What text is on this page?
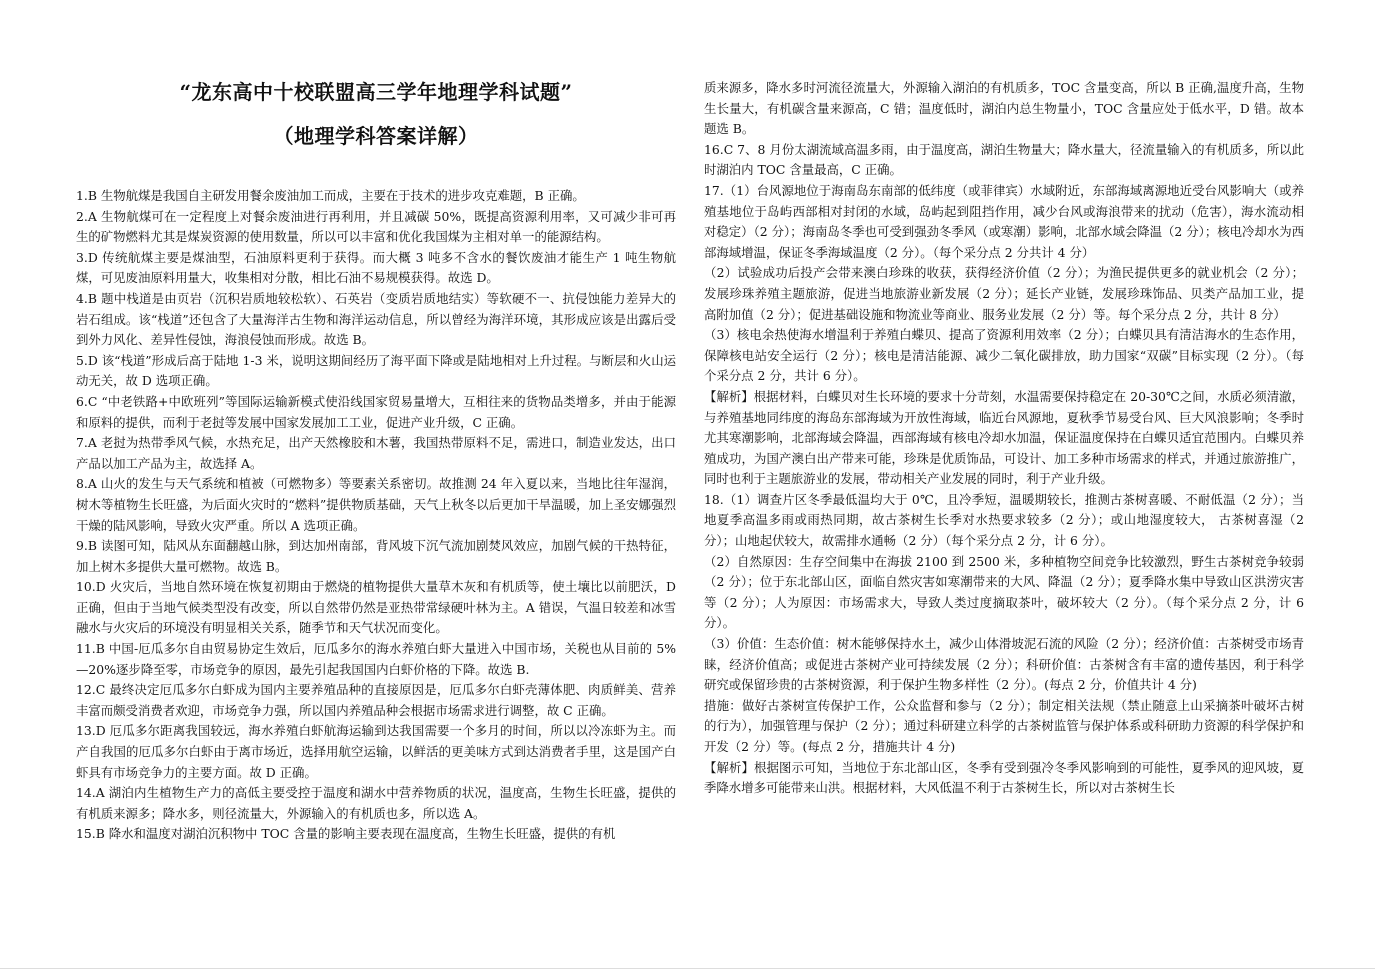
“龙东高中十校联盟高三学年地理学科试题”
（地理学科答案详解）

1.B 生物航煤是我国自主研发用餐余废油加工而成，主要在于技术的进步攻克难题，B 正确。

2.A 生物航煤可在一定程度上对餐余废油进行再利用，并且减碳 50%，既提高资源利用率，又可减少非可再生的矿物燃料尤其是煤炭资源的使用数量，所以可以丰富和优化我国煤为主相对单一的能源结构。

3.D 传统航煤主要是煤油型，石油原料更利于获得。而大概 3 吨多不含水的餐饮废油才能生产 1 吨生物航煤，可见废油原料用量大，收集相对分散，相比石油不易规模获得。故选 D。

4.B 题中栈道是由页岩（沉积岩质地较松软）、石英岩（变质岩质地结实）等软硬不一、抗侵蚀能力差异大的岩石组成。该“栈道”还包含了大量海洋古生物和海洋运动信息，所以曾经为海洋环境，其形成应该是出露后受到外力风化、差异性侵蚀，海浪侵蚀而形成。故选 B。

5.D 该“栈道”形成后高于陆地 1-3 米，说明这期间经历了海平面下降或是陆地相对上升过程。与断层和火山运动无关，故 D 选项正确。

6.C “中老铁路+中欧班列”等国际运输新模式使沿线国家贸易量增大，互相往来的货物品类增多，并由于能源和原料的提供，而利于老挝等发展中国家发展加工工业，促进产业升级，C 正确。

7.A 老挝为热带季风气候，水热充足，出产天然橡胶和木薯，我国热带原料不足，需进口，制造业发达，出口产品以加工产品为主，故选择 A。

8.A 山火的发生与天气系统和植被（可燃物多）等要素关系密切。故推测 24 年入夏以来，当地比往年湿润，树木等植物生长旺盛，为后面火灾时的“燃料”提供物质基础，天气上秋冬以后更加干旱温暖，加上圣安娜强烈干燥的陆风影响，导致火灾严重。所以 A 选项正确。

9.B 读图可知，陆风从东面翻越山脉，到达加州南部，背风坡下沉气流加剧焚风效应，加剧气候的干热特征，加上树木多提供大量可燃物。故选 B。

10.D 火灾后，当地自然环境在恢复初期由于燃烧的植物提供大量草木灰和有机质等，使土壤比以前肥沃，D 正确，但由于当地气候类型没有改变，所以自然带仍然是亚热带常绿硬叶林为主。A 错误，气温日较差和冰雪融水与火灾后的环境没有明显相关关系，随季节和天气状况而变化。

11.B 中国-厄瓜多尔自由贸易协定生效后，厄瓜多尔的海水养殖白虾大量进入中国市场，关税也从目前的 5%—20%逐步降至零，市场竞争的原因，最先引起我国国内白虾价格的下降。故选 B.

12.C 最终决定厄瓜多尔白虾成为国内主要养殖品种的直接原因是，厄瓜多尔白虾壳薄体肥、肉质鲜美、营养丰富而颇受消费者欢迎，市场竞争力强，所以国内养殖品种会根据市场需求进行调整，故 C 正确。

13.D 厄瓜多尔距离我国较远，海水养殖白虾航海运输到达我国需要一个多月的时间，所以以冷冻虾为主。而产自我国的厄瓜多尔白虾由于离市场近，选择用航空运输，以鲜活的更美味方式到达消费者手里，这是国产白虾具有市场竞争力的主要方面。故 D 正确。

14.A 湖泊内生植物生产力的高低主要受控于温度和湖水中营养物质的状况，温度高，生物生长旺盛，提供的有机质来源多；降水多，则径流量大，外源输入的有机质也多，所以选 A。

15.B 降水和温度对湖泊沉积物中 TOC 含量的影响主要表现在温度高，生物生长旺盛，提供的有机

质来源多，降水多时河流径流量大，外源输入湖泊的有机质多，TOC 含量变高，所以 B 正确,温度升高，生物生长量大，有机碳含量来源高，C 错；温度低时，湖泊内总生物量小，TOC 含量应处于低水平，D 错。故本题选 B。

16.C 7、8 月份太湖流域高温多雨，由于温度高，湖泊生物量大；降水量大，径流量输入的有机质多，所以此时湖泊内 TOC 含量最高，C 正确。

17.（1）台风源地位于海南岛东南部的低纬度（或菲律宾）水域附近，东部海域离源地近受台风影响大（或养殖基地位于岛屿西部相对封闭的水域，岛屿起到阻挡作用，减少台风或海浪带来的扰动（危害），海水流动相对稳定）（2 分）；海南岛冬季也可受到强劲冬季风（或寒潮）影响，北部水域会降温（2 分）；核电冷却水为西部海域增温，保证冬季海域温度（2 分）。（每个采分点 2 分共计 4 分）

（2）试验成功后投产会带来澳白珍珠的收获，获得经济价值（2 分）；为渔民提供更多的就业机会（2 分）；发展珍珠养殖主题旅游，促进当地旅游业新发展（2 分）；延长产业链，发展珍珠饰品、贝类产品加工业，提高附加值（2 分）；促进基础设施和物流业等商业、服务业发展（2 分）等。每个采分点 2 分，共计 8 分）

（3）核电余热使海水增温利于养殖白蝶贝、提高了资源利用效率（2 分）；白蝶贝具有清洁海水的生态作用，保障核电站安全运行（2 分）；核电是清洁能源、减少二氧化碳排放，助力国家“双碳”目标实现（2 分）。（每个采分点 2 分，共计 6 分）。

【解析】根据材料，白蝶贝对生长环境的要求十分苛刻，水温需要保持稳定在 20-30℃之间，水质必须清澈，与养殖基地同纬度的海岛东部海域为开放性海域，临近台风源地，夏秋季节易受台风、巨大风浪影响；冬季时尤其寒潮影响，北部海域会降温，西部海域有核电冷却水加温，保证温度保持在白蝶贝适宜范围内。白蝶贝养殖成功，为国产澳白出产带来可能，珍珠是优质饰品，可设计、加工多种市场需求的样式，并通过旅游推广，同时也利于主题旅游业的发展，带动相关产业发展的同时，利于产业升级。

18.（1）调查片区冬季最低温均大于 0℃，且冷季短，温暖期较长，推测古茶树喜暖、不耐低温（2 分）；当地夏季高温多雨或雨热同期，故古茶树生长季对水热要求较多（2 分）；或山地湿度较大， 古茶树喜湿（2 分）；山地起伏较大，故需排水通畅（2 分）（每个采分点 2 分，计 6 分）。

（2）自然原因：生存空间集中在海拔 2100 到 2500 米，多种植物空间竞争比较激烈，野生古茶树竞争较弱（2 分）；位于东北部山区，面临自然灾害如寒潮带来的大风、降温（2 分）；夏季降水集中导致山区洪涝灾害等（2 分）；人为原因：市场需求大，导致人类过度摘取茶叶，破坏较大（2 分）。（每个采分点 2 分，计 6 分）。

（3）价值：生态价值：树木能够保持水土，减少山体滑坡泥石流的风险（2 分）；经济价值：古茶树受市场青睐，经济价值高；或促进古茶树产业可持续发展（2 分）；科研价值：古茶树含有丰富的遗传基因，利于科学研究或保留珍贵的古茶树资源，利于保护生物多样性（2 分）。(每点 2 分，价值共计 4 分)

措施：做好古茶树宣传保护工作，公众监督和参与（2 分）；制定相关法规（禁止随意上山采摘茶叶破坏古树的行为），加强管理与保护（2 分）；通过科研建立科学的古茶树监管与保护体系或科研助力资源的科学保护和开发（2 分）等。(每点 2 分，措施共计 4 分)

【解析】根据图示可知，当地位于东北部山区，冬季有受到强冷冬季风影响到的可能性，夏季风的迎风坡，夏季降水增多可能带来山洪。根据材料，大风低温不利于古茶树生长，所以对古茶树生长
